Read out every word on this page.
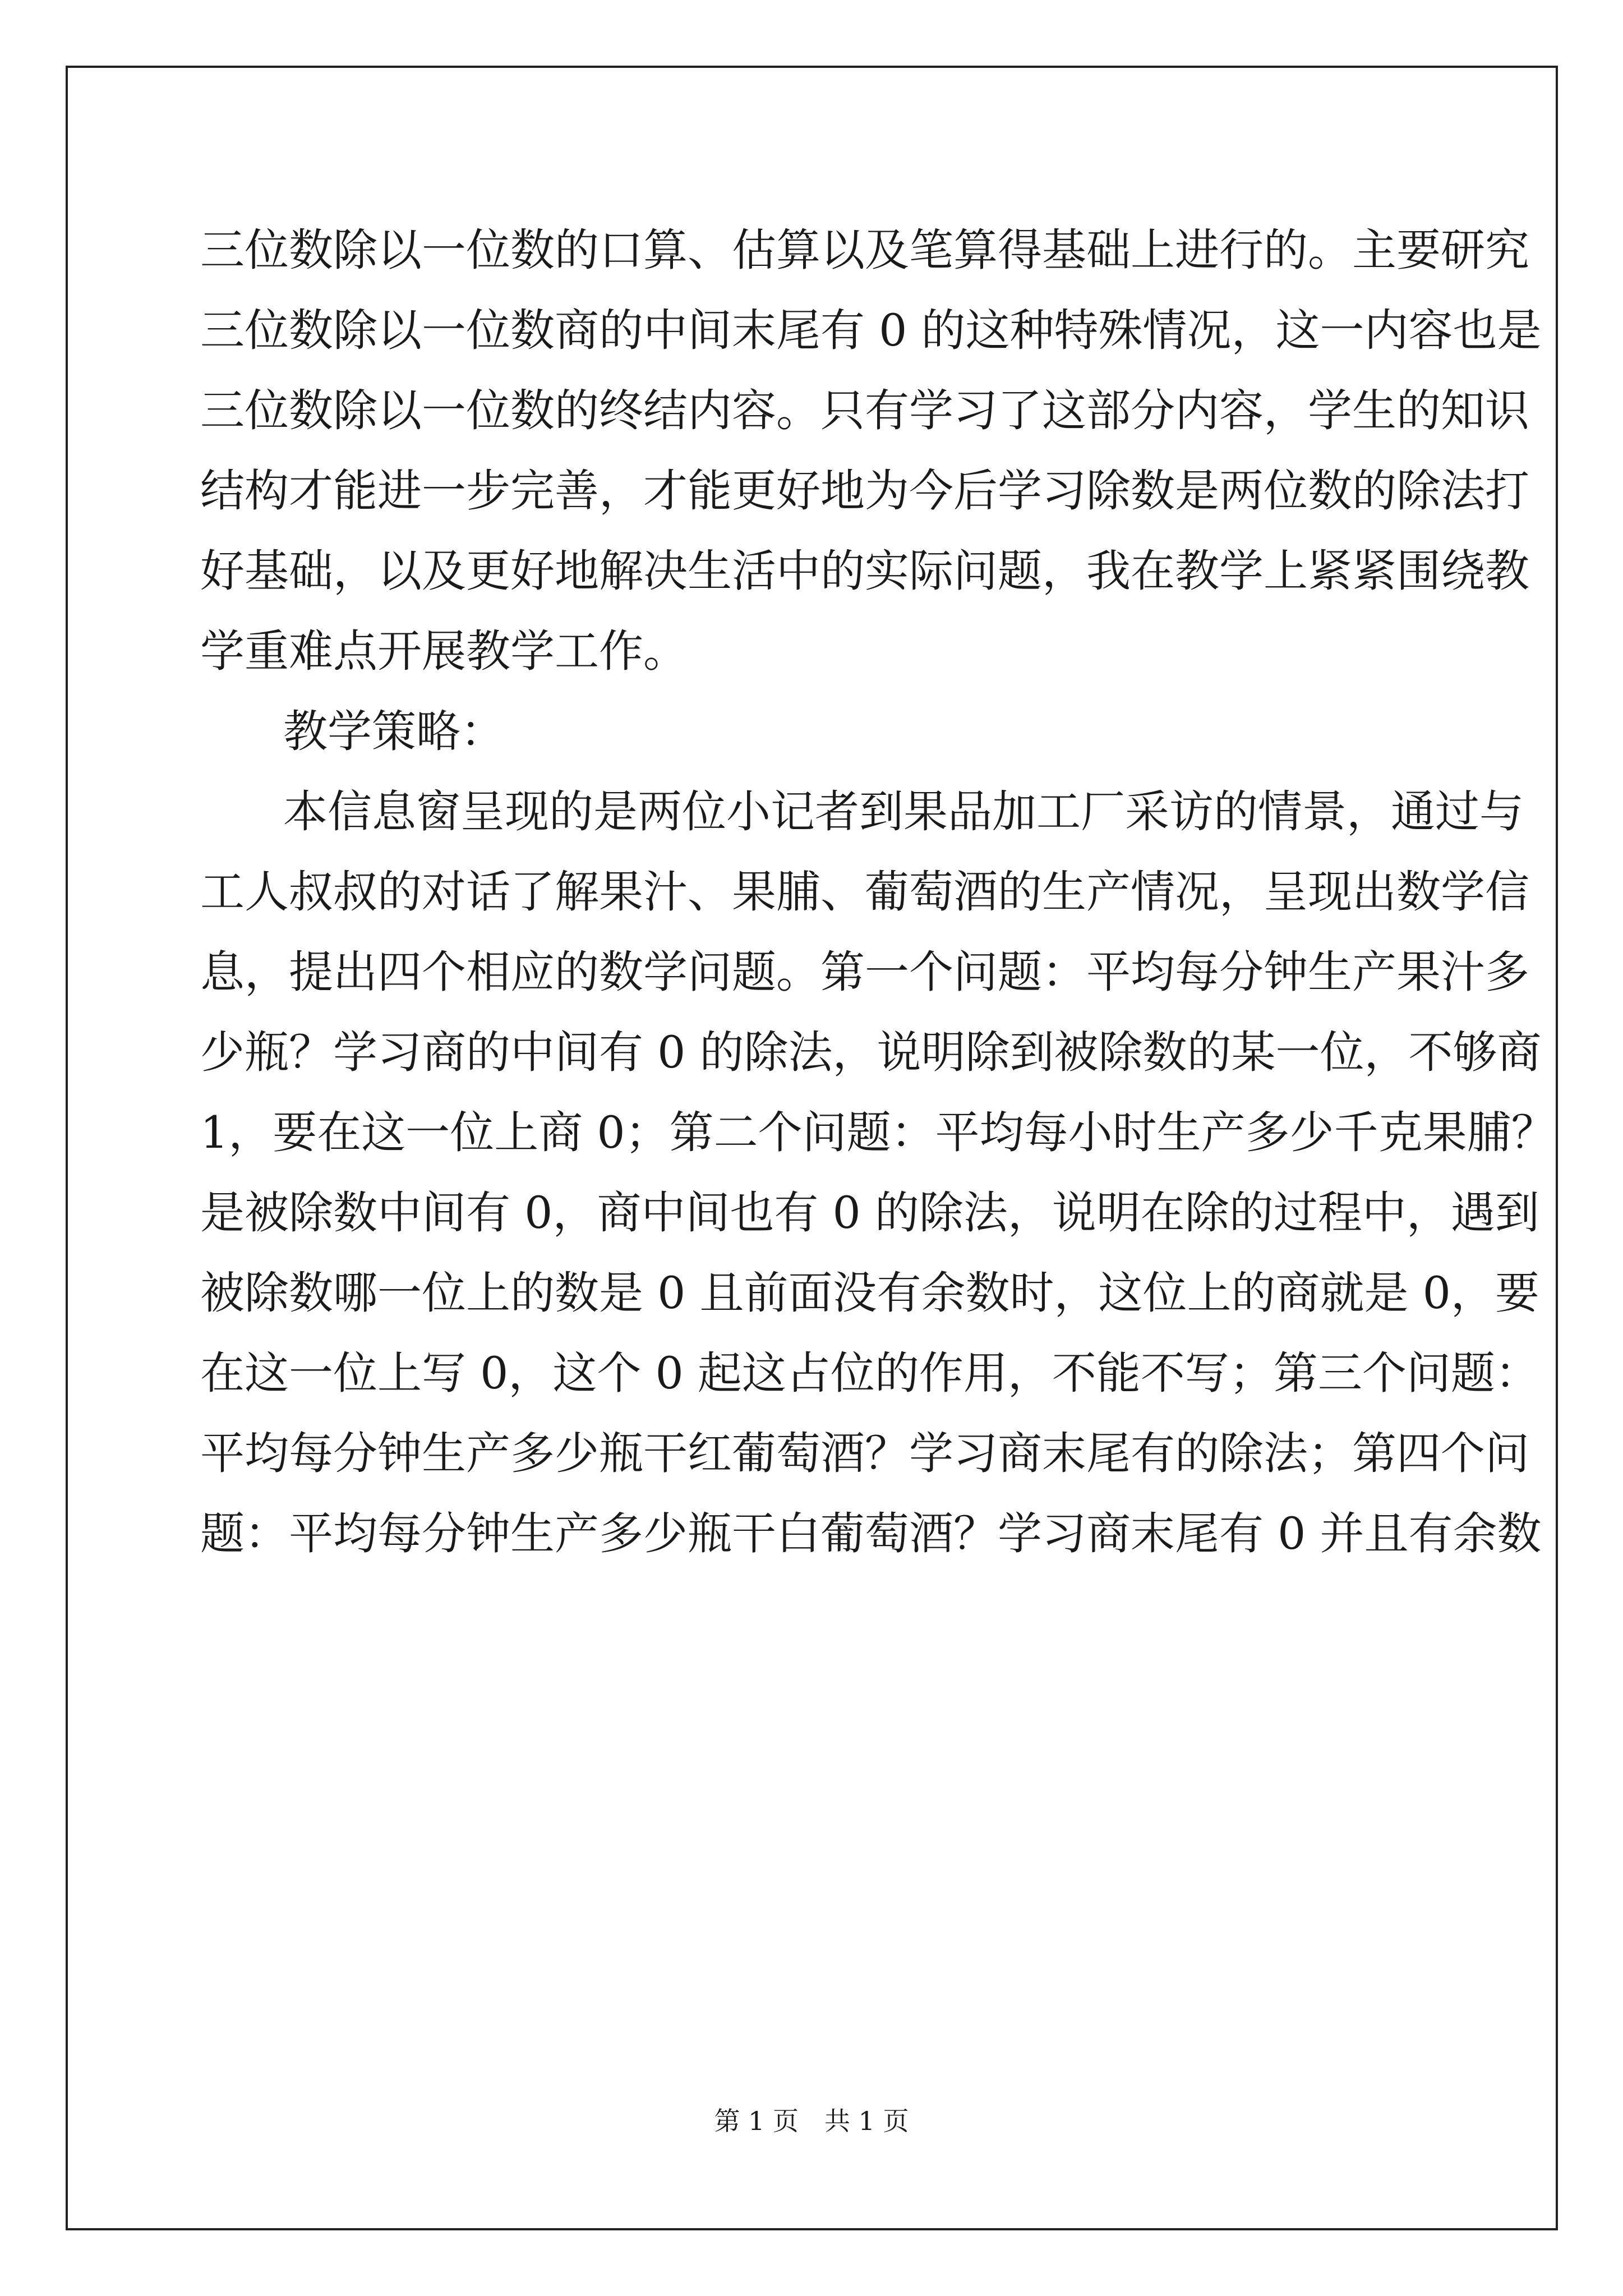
三位数除以一位数的口算、估算以及笔算得基础上进行的。主要研究
三位数除以一位数商的中间末尾有 0 的这种特殊情况，这一内容也是
三位数除以一位数的终结内容。只有学习了这部分内容，学生的知识
结构才能进一步完善，才能更好地为今后学习除数是两位数的除法打
好基础，以及更好地解决生活中的实际问题，我在教学上紧紧围绕教
学重难点开展教学工作。
教学策略：
本信息窗呈现的是两位小记者到果品加工厂采访的情景，通过与
工人叔叔的对话了解果汁、果脯、葡萄酒的生产情况，呈现出数学信
息，提出四个相应的数学问题。第一个问题：平均每分钟生产果汁多
少瓶？学习商的中间有 0 的除法，说明除到被除数的某一位，不够商
1，要在这一位上商 0；第二个问题：平均每小时生产多少千克果脯？
是被除数中间有 0，商中间也有 0 的除法，说明在除的过程中，遇到
被除数哪一位上的数是 0 且前面没有余数时，这位上的商就是 0，要
在这一位上写 0，这个 0 起这占位的作用，不能不写；第三个问题：
平均每分钟生产多少瓶干红葡萄酒？学习商末尾有的除法；第四个问
题：平均每分钟生产多少瓶干白葡萄酒？学习商末尾有 0 并且有余数
第 1 页　共 1 页
